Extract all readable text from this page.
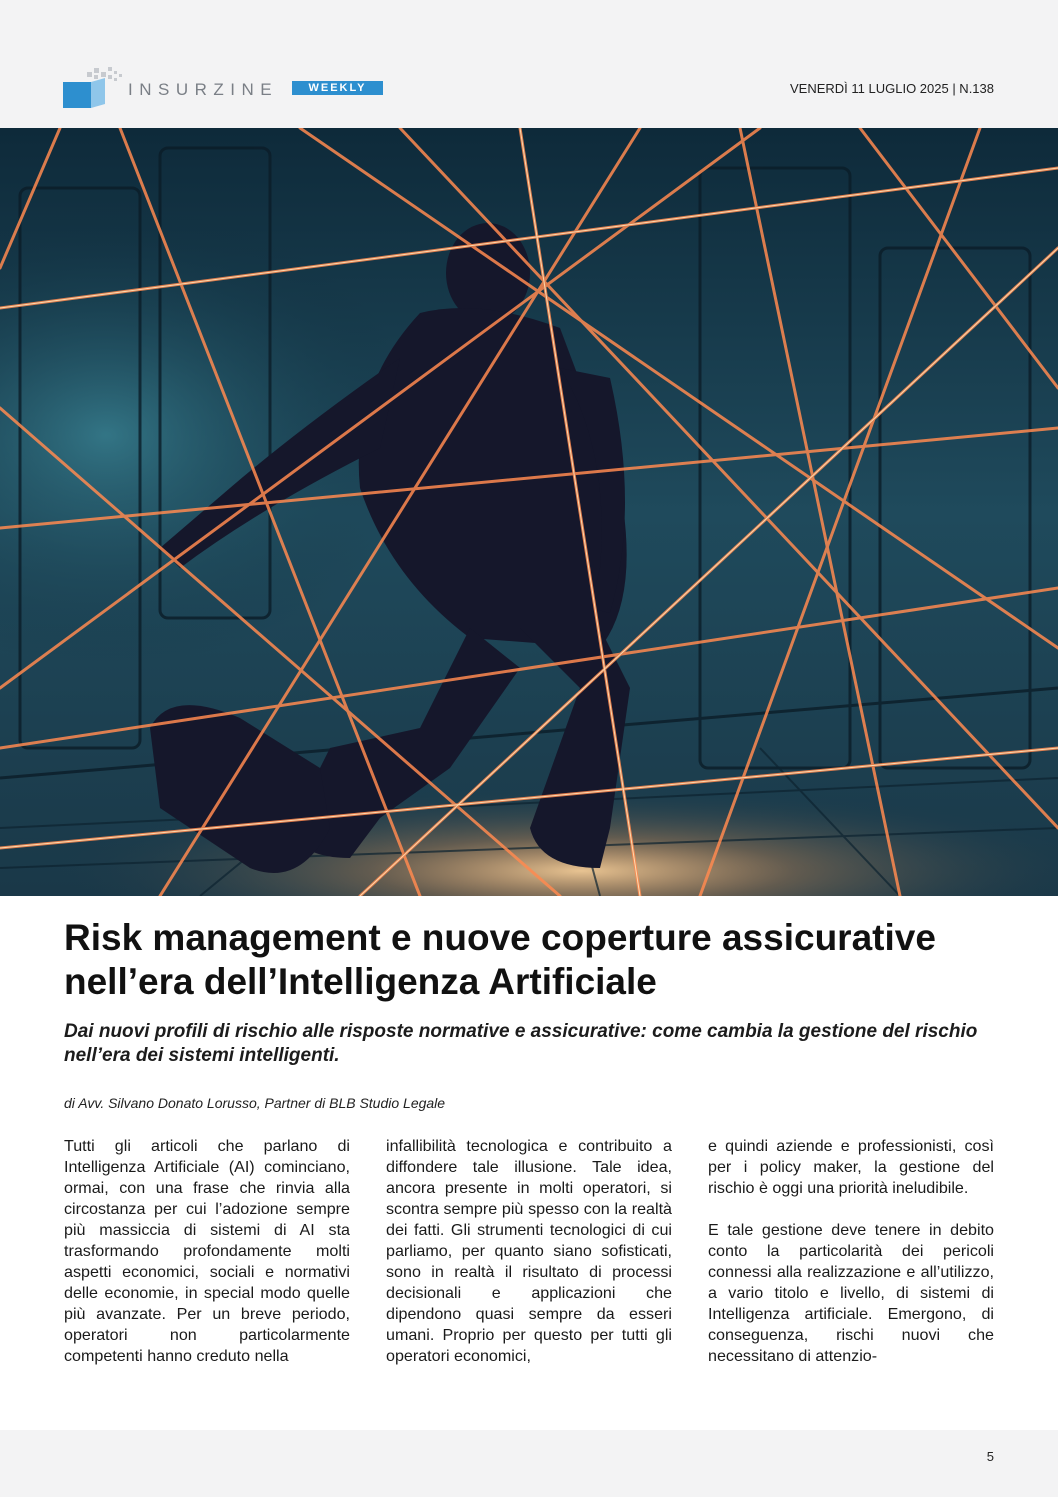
INSURZINE	WEEKLY	VENERDÌ 11 LUGLIO 2025 | N.138
Risk management e nuove coperture assicurative nell’era dell’Intelligenza Artificiale

Dai nuovi profili di rischio alle risposte normative e assicurative: come cambia la gestione del rischio nell’era dei sistemi intelligenti.

di Avv. Silvano Donato Lorusso, Partner di BLB Studio Legale

Tutti gli articoli che parlano di Intelligenza Artificiale (AI) cominciano, ormai, con una frase che rinvia alla circostanza per cui l’adozione sempre più massiccia di sistemi di AI sta trasformando profondamente molti aspetti economici, sociali e normativi delle economie, in special modo quelle più avanzate. Per un breve periodo, operatori non particolarmente competenti hanno creduto nella

infallibilità tecnologica e contribuito a diffondere tale illusione. Tale idea, ancora presente in molti operatori, si scontra sempre più spesso con la realtà dei fatti. Gli strumenti tecnologici di cui parliamo, per quanto siano sofisticati, sono in realtà il risultato di processi decisionali e applicazioni che dipendono quasi sempre da esseri umani. Proprio per questo per tutti gli operatori economici,

e quindi aziende e professionisti, così per i policy maker, la gestione del rischio è oggi una priorità ineludibile.

E tale gestione deve tenere in debito conto la particolarità dei pericoli connessi alla realizzazione e all’utilizzo, a vario titolo e livello, di sistemi di Intelligenza artificiale. Emergono, di conseguenza, rischi nuovi che necessitano di attenzio-

5
